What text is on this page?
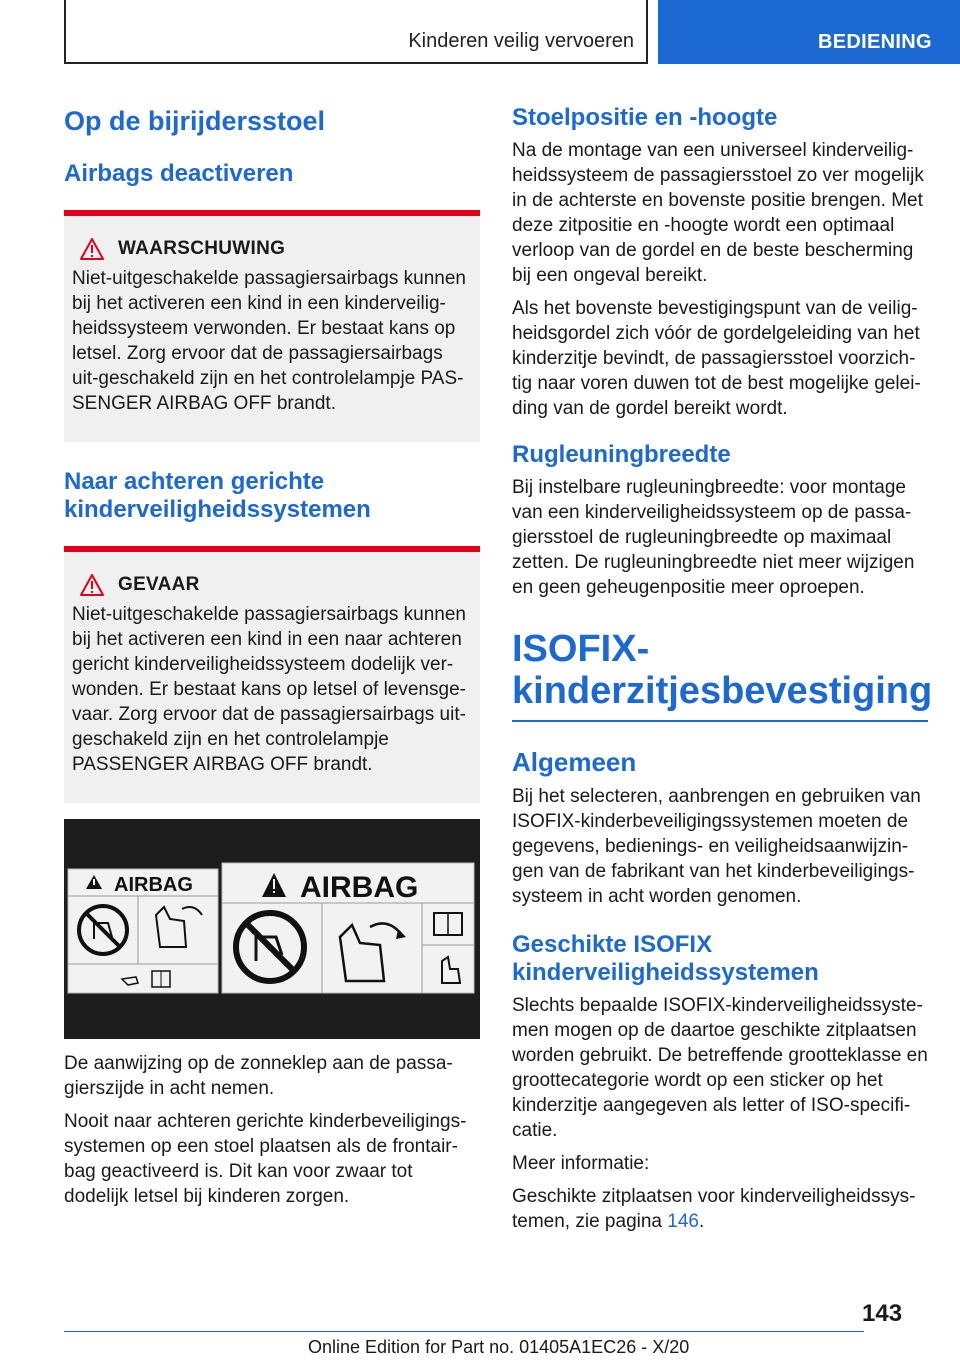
Kinderen veilig vervoeren	BEDIENING
Op de bijrijdersstoel
Airbags deactiveren
WAARSCHUWING

Niet-uitgeschakelde passagiersairbags kunnen bij het activeren een kind in een kinderveilig-heidssysteem verwonden. Er bestaat kans op letsel. Zorg ervoor dat de passagiersairbags uit-geschakeld zijn en het controlelampje PAS-SENGER AIRBAG OFF brandt.

Naar achteren gerichte
kinderveiligheidssystemen
GEVAAR

Niet-uitgeschakelde passagiersairbags kunnen bij het activeren een kind in een naar achteren gericht kinderveiligheidssysteem dodelijk ver-wonden. Er bestaat kans op letsel of levensge-vaar. Zorg ervoor dat de passagiersairbags uit-geschakeld zijn en het controlelampje PASSENGER AIRBAG OFF brandt.

AIRBAG	AIRBAG

De aanwijzing op de zonneklep aan de passa-gierszijde in acht nemen.

Nooit naar achteren gerichte kinderbeveiligings-systemen op een stoel plaatsen als de frontair-bag geactiveerd is. Dit kan voor zwaar tot dodelijk letsel bij kinderen zorgen.

Stoelpositie en -hoogte

Na de montage van een universeel kinderveilig-heidssysteem de passagiersstoel zo ver mogelijk in de achterste en bovenste positie brengen. Met deze zitpositie en -hoogte wordt een optimaal verloop van de gordel en de beste bescherming bij een ongeval bereikt.

Als het bovenste bevestigingspunt van de veilig-heidsgordel zich vóór de gordelgeleiding van het kinderzitje bevindt, de passagiersstoel voorzich-tig naar voren duwen tot de best mogelijke gelei-ding van de gordel bereikt wordt.

Rugleuningbreedte

Bij instelbare rugleuningbreedte: voor montage van een kinderveiligheidssysteem op de passa-giersstoel de rugleuningbreedte op maximaal zetten. De rugleuningbreedte niet meer wijzigen en geen geheugenpositie meer oproepen.

ISOFIX-
kinderzitjesbevestiging

Algemeen

Bij het selecteren, aanbrengen en gebruiken van ISOFIX-kinderbeveiligingssystemen moeten de gegevens, bedienings- en veiligheidsaanwijzin-gen van de fabrikant van het kinderbeveiligings-systeem in acht worden genomen.

Geschikte ISOFIX
kinderveiligheidssystemen

Slechts bepaalde ISOFIX-kinderveiligheidssyste-men mogen op de daartoe geschikte zitplaatsen worden gebruikt. De betreffende grootteklasse en groottecategorie wordt op een sticker op het kinderzitje aangegeven als letter of ISO-specifi-catie.

Meer informatie:

Geschikte zitplaatsen voor kinderveiligheidssys-temen, zie pagina 146.

143
Online Edition for Part no. 01405A1EC26 - X/20
